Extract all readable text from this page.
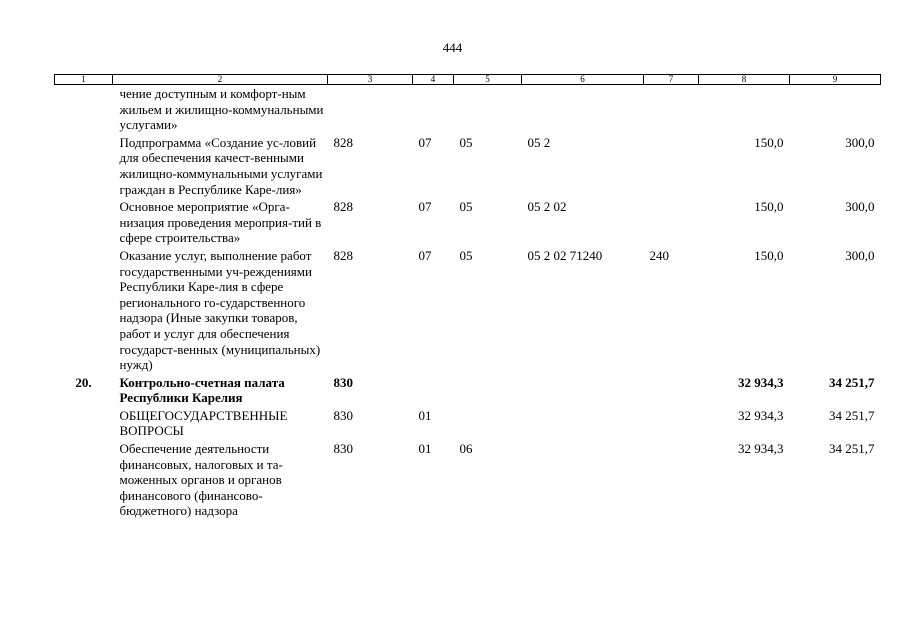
444
1	2	3	4	5	6	7	8	9
	чение доступным и комфорт-ным жильем и жилищно-коммунальными услугами»							
	Подпрограмма «Создание ус-ловий для обеспечения качест-венными жилищно-коммунальными услугами граждан в Республике Каре-лия»	828	07	05	05 2		150,0	300,0
	Основное мероприятие «Орга-низация проведения мероприя-тий в сфере строительства»	828	07	05	05 2 02		150,0	300,0
	Оказание услуг, выполнение работ государственными уч-реждениями Республики Каре-лия в сфере регионального го-сударственного надзора (Иные закупки товаров, работ и услуг для обеспечения государст-венных (муниципальных) нужд)	828	07	05	05 2 02 71240	240	150,0	300,0
20.	Контрольно-счетная палата Республики Карелия	830					32 934,3	34 251,7
	ОБЩЕГОСУДАРСТВЕННЫЕ ВОПРОСЫ	830	01				32 934,3	34 251,7
	Обеспечение деятельности финансовых, налоговых и та-моженных органов и органов финансового (финансово-бюджетного) надзора	830	01	06			32 934,3	34 251,7
